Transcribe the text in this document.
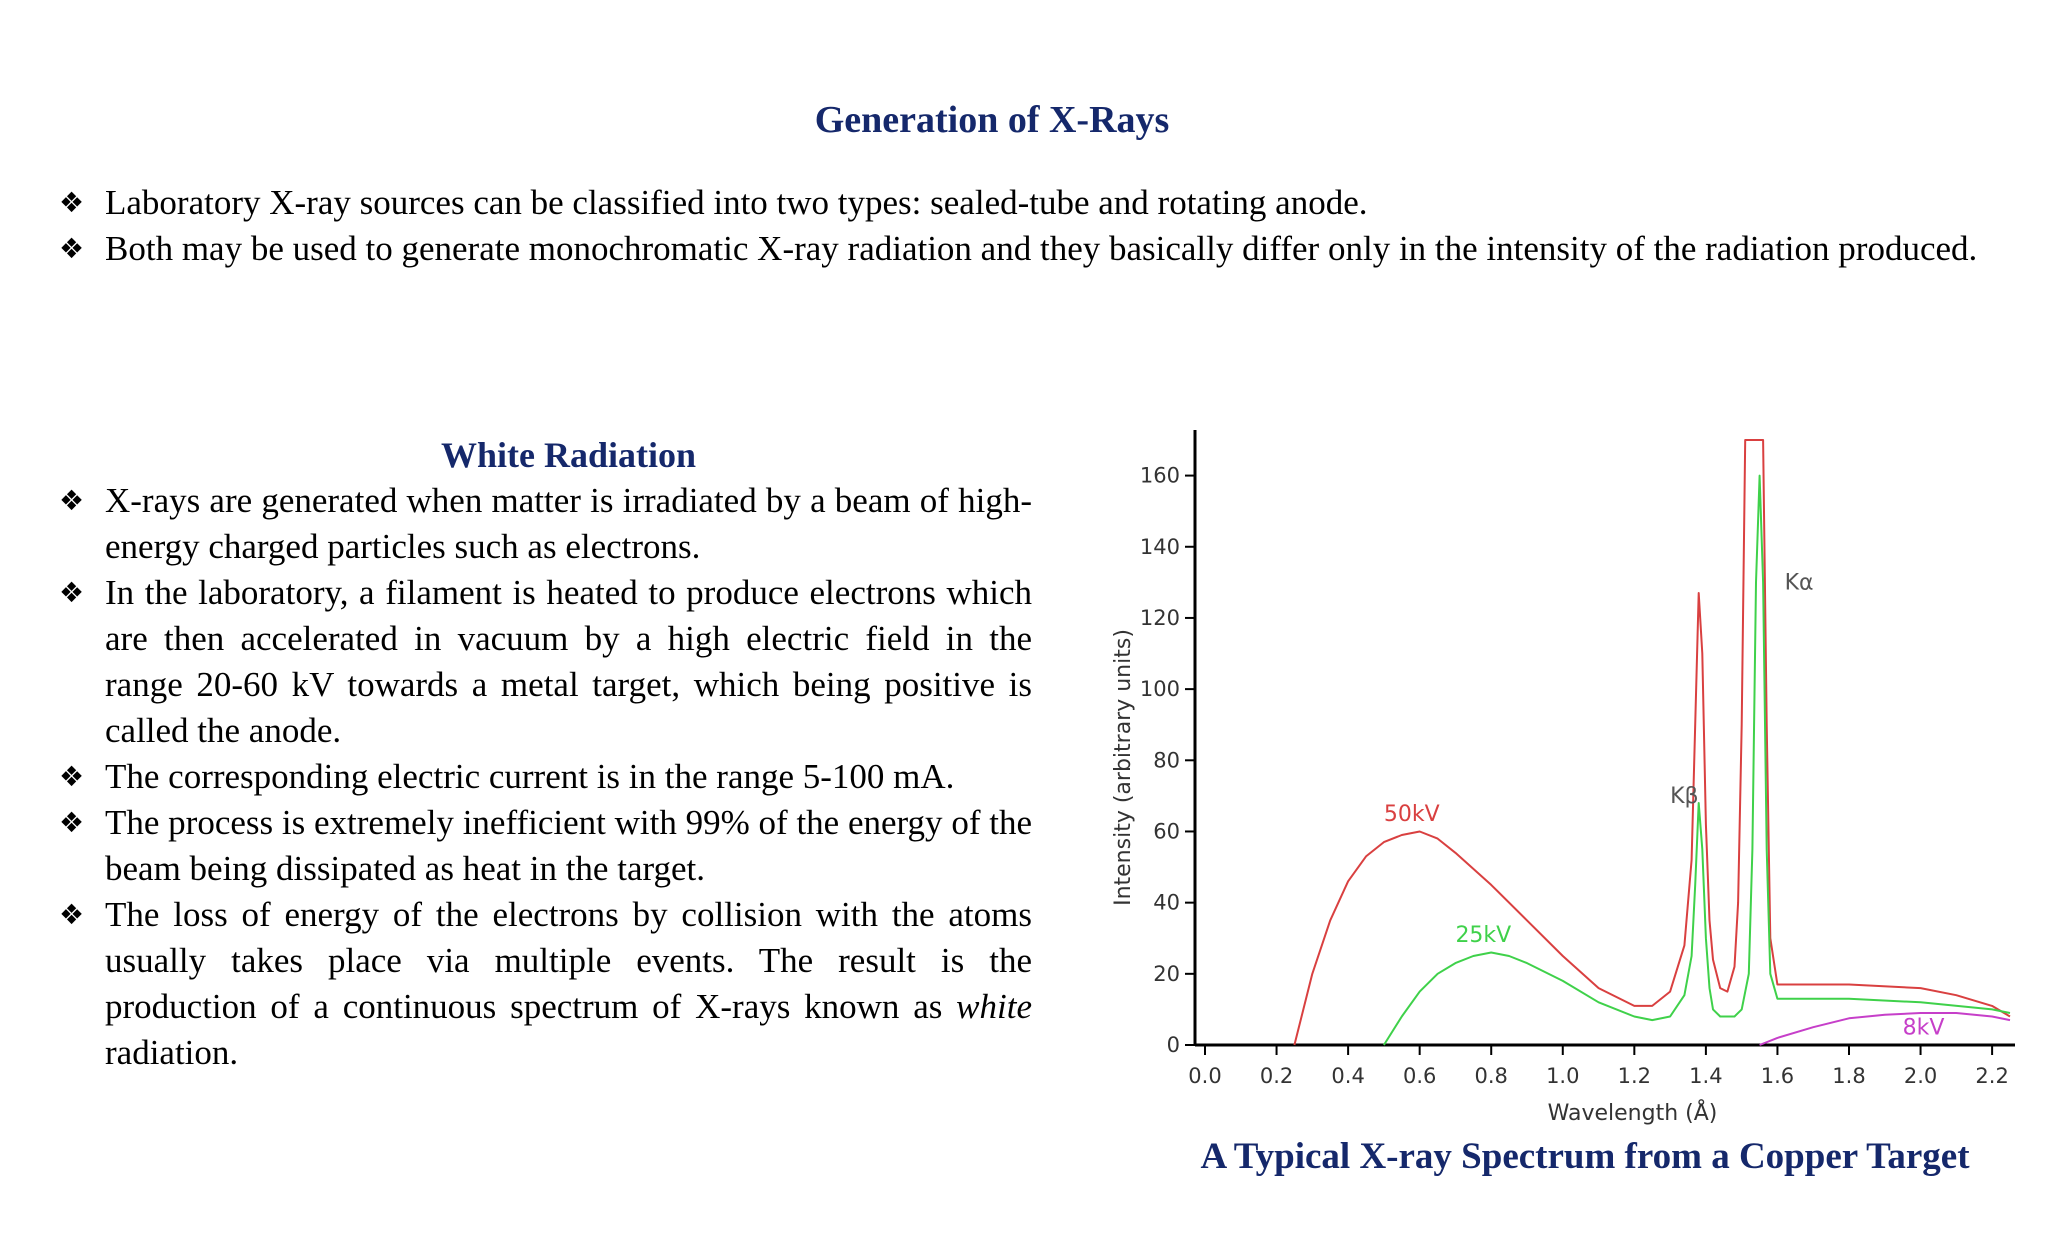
Generation of X-Rays
❖ Laboratory X-ray sources can be classified into two types: sealed-tube and rotating anode.
❖ Both may be used to generate monochromatic X-ray radiation and they basically differ only in the intensity of the radiation produced.
White Radiation
❖ X-rays are generated when matter is irradiated by a beam of high-energy charged particles such as electrons.
❖ In the laboratory, a filament is heated to produce electrons which are then accelerated in vacuum by a high electric field in the range 20-60 kV towards a metal target, which being positive is called the anode.
❖ The corresponding electric current is in the range 5-100 mA.
❖ The process is extremely inefficient with 99% of the energy of the beam being dissipated as heat in the target.
❖ The loss of energy of the electrons by collision with the atoms usually takes place via multiple events. The result is the production of a continuous spectrum of X-rays known as white radiation.
0.0 0.2 0.4 0.6 0.8 1.0 1.2 1.4 1.6 1.8 2.0 2.2
0
20
40
60
80
100
120
140
160
Wavelength (Å)
Intensity (arbitrary units)
Kα
Kβ
50kV
25kV
8kV
A Typical X-ray Spectrum from a Copper Target
